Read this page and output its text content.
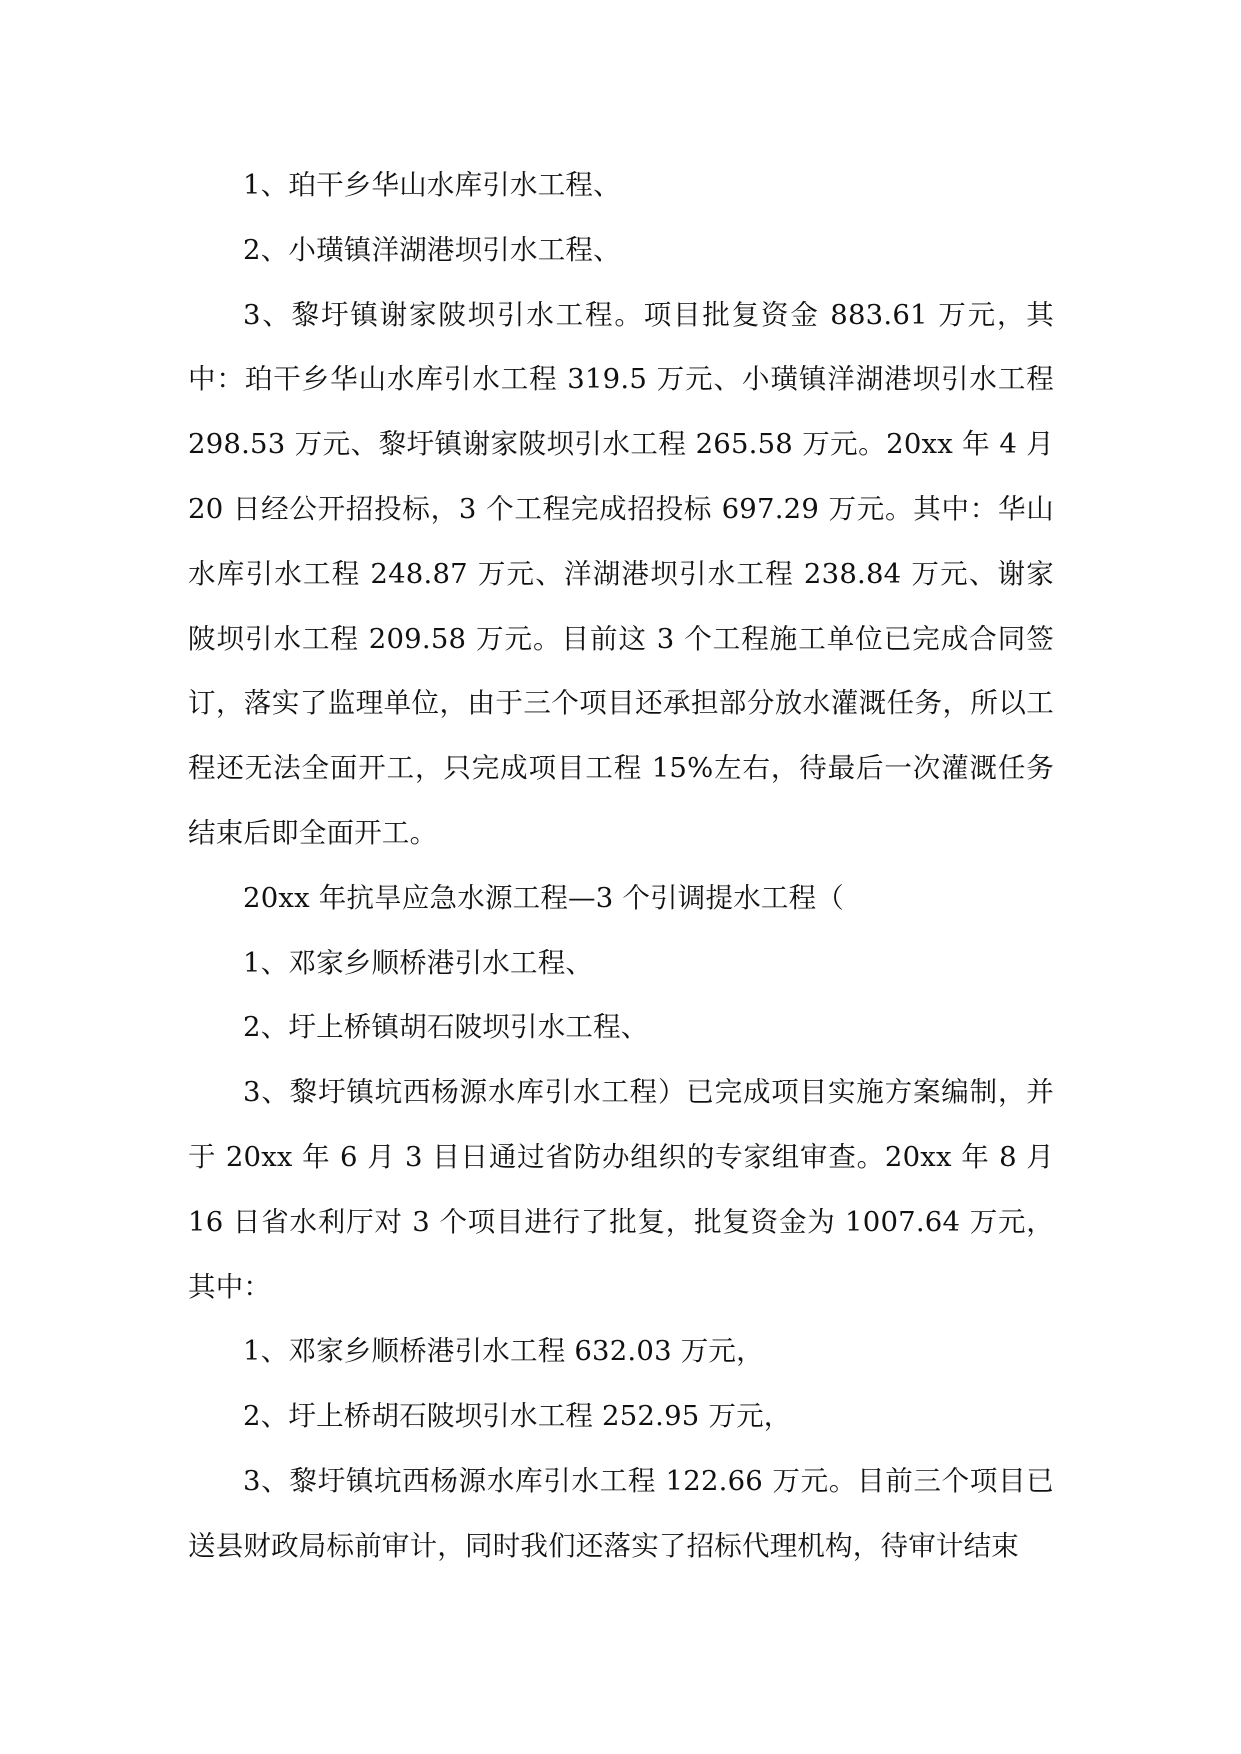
1、珀干乡华山水库引水工程、

2、小璜镇洋湖港坝引水工程、

3、黎圩镇谢家陂坝引水工程。项目批复资金 883.61 万元，其中：珀干乡华山水库引水工程 319.5 万元、小璜镇洋湖港坝引水工程 298.53 万元、黎圩镇谢家陂坝引水工程 265.58 万元。20xx 年 4 月 20 日经公开招投标，3 个工程完成招投标 697.29 万元。其中：华山水库引水工程 248.87 万元、洋湖港坝引水工程 238.84 万元、谢家陂坝引水工程 209.58 万元。目前这 3 个工程施工单位已完成合同签订，落实了监理单位，由于三个项目还承担部分放水灌溉任务，所以工程还无法全面开工，只完成项目工程 15%左右，待最后一次灌溉任务结束后即全面开工。

20xx 年抗旱应急水源工程—3 个引调提水工程（

1、邓家乡顺桥港引水工程、

2、圩上桥镇胡石陂坝引水工程、

3、黎圩镇坑西杨源水库引水工程）已完成项目实施方案编制，并于 20xx 年 6 月 3 目日通过省防办组织的专家组审查。20xx 年 8 月 16 日省水利厅对 3 个项目进行了批复，批复资金为 1007.64 万元，其中：

1、邓家乡顺桥港引水工程 632.03 万元，

2、圩上桥胡石陂坝引水工程 252.95 万元，

3、黎圩镇坑西杨源水库引水工程 122.66 万元。目前三个项目已送县财政局标前审计，同时我们还落实了招标代理机构，待审计结束
